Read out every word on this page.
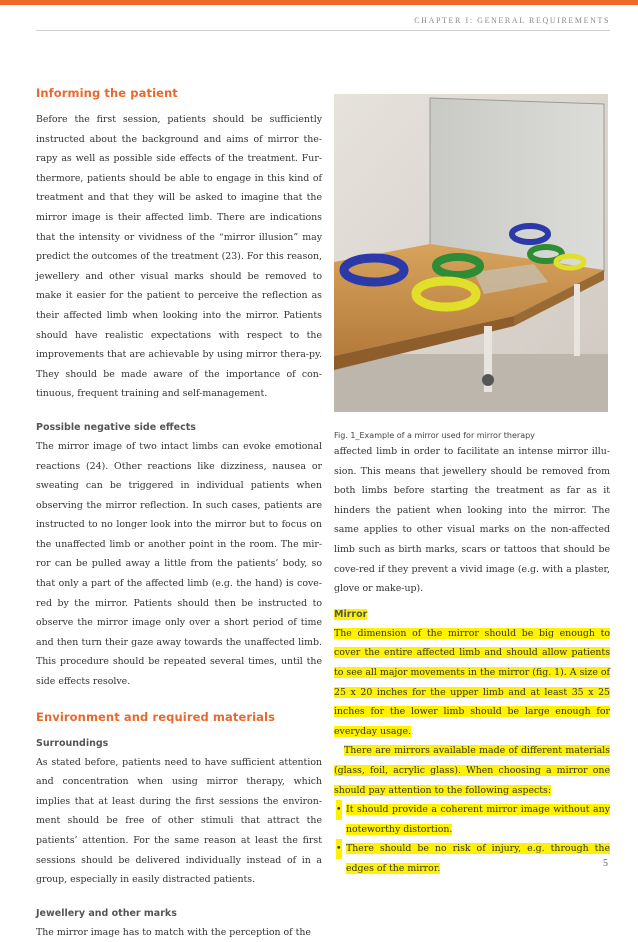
CHAPTER I: GENERAL REQUIREMENTS
Informing the patient

Before the first session, patients should be sufficiently instructed about the background and aims of mirror the-rapy as well as possible side effects of the treatment. Fur-thermore, patients should be able to engage in this kind of treatment and that they will be asked to imagine that the mirror image is their affected limb. There are indications that the intensity or vividness of the “mirror illusion” may predict the outcomes of the treatment (23). For this reason, jewellery and other visual marks should be removed to make it easier for the patient to perceive the reflection as their affected limb when looking into the mirror. Patients should have realistic expectations with respect to the improvements that are achievable by using mirror thera-py. They should be made aware of the importance of con-tinuous, frequent training and self-management.

Possible negative side effects

The mirror image of two intact limbs can evoke emotional reactions (24). Other reactions like dizziness, nausea or sweating can be triggered in individual patients when observing the mirror reflection. In such cases, patients are instructed to no longer look into the mirror but to focus on the unaffected limb or another point in the room. The mir-ror can be pulled away a little from the patients’ body, so that only a part of the affected limb (e.g. the hand) is cove-red by the mirror. Patients should then be instructed to observe the mirror image only over a short period of time and then turn their gaze away towards the unaffected limb. This procedure should be repeated several times, until the side effects resolve.

Environment and required materials
Surroundings

As stated before, patients need to have sufficient attention and concentration when using mirror therapy, which implies that at least during the first sessions the environ-ment should be free of other stimuli that attract the patients’ attention. For the same reason at least the first sessions should be delivered individually instead of in a group, especially in easily distracted patients.

Jewellery and other marks

The mirror image has to match with the perception of the

Fig. 1_Example of a mirror used for mirror therapy

affected limb in order to facilitate an intense mirror illu-sion. This means that jewellery should be removed from both limbs before starting the treatment as far as it hinders the patient when looking into the mirror. The same applies to other visual marks on the non-affected limb such as birth marks, scars or tattoos that should be cove-red if they prevent a vivid image (e.g. with a plaster, glove or make-up).

Mirror

The dimension of the mirror should be big enough to cover the entire affected limb and should allow patients to see all major movements in the mirror (fig. 1). A size of 25 x 20 inches for the upper limb and at least 35 x 25 inches for the lower limb should be large enough for everyday usage.

There are mirrors available made of different materials (glass, foil, acrylic glass). When choosing a mirror one should pay attention to the following aspects:

• It should provide a coherent mirror image without any noteworthy distortion.
• There should be no risk of injury, e.g. through the edges of the mirror.	5
